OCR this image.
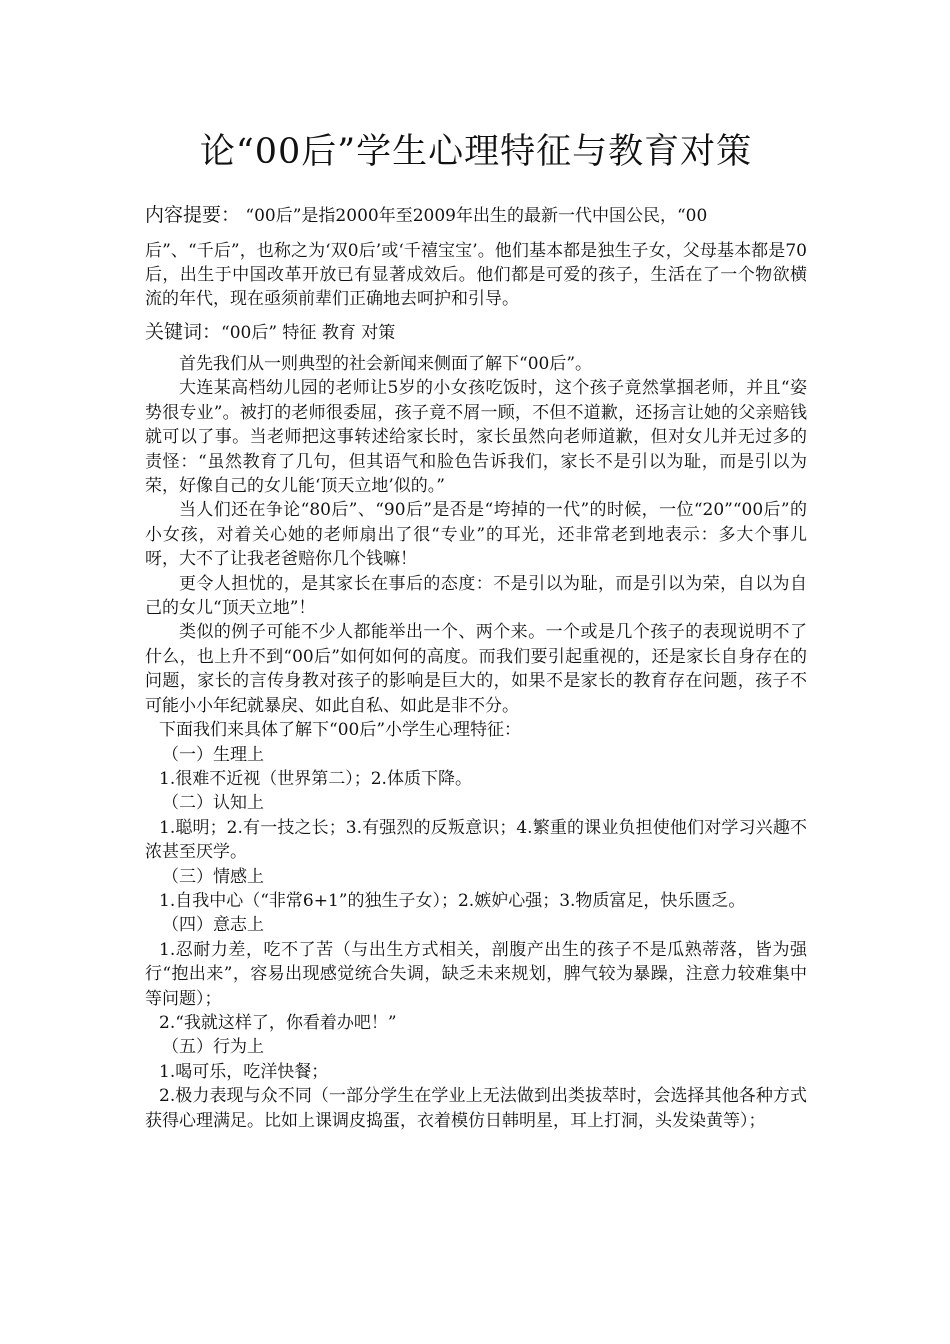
论“00后”学生心理特征与教育对策

内容提要： “00后”是指2000年至2009年出生的最新一代中国公民，“00

后”、“千后”，也称之为‘双0后’或‘千禧宝宝’。他们基本都是独生子女，父母基本都是70后，出生于中国改革开放已有显著成效后。他们都是可爱的孩子，生活在了一个物欲横流的年代，现在亟须前辈们正确地去呵护和引导。

关键词：“00后” 特征 教育 对策

首先我们从一则典型的社会新闻来侧面了解下“00后”。

大连某高档幼儿园的老师让5岁的小女孩吃饭时，这个孩子竟然掌掴老师，并且“姿势很专业”。被打的老师很委屈，孩子竟不屑一顾，不但不道歉，还扬言让她的父亲赔钱就可以了事。当老师把这事转述给家长时，家长虽然向老师道歉，但对女儿并无过多的责怪：“虽然教育了几句，但其语气和脸色告诉我们，家长不是引以为耻，而是引以为荣，好像自己的女儿能‘顶天立地’似的。”

当人们还在争论“80后”、“90后”是否是“垮掉的一代”的时候，一位“20”“00后”的小女孩，对着关心她的老师扇出了很“专业”的耳光，还非常老到地表示：多大个事儿呀，大不了让我老爸赔你几个钱嘛！

更令人担忧的，是其家长在事后的态度：不是引以为耻，而是引以为荣，自以为自己的女儿“顶天立地”！

类似的例子可能不少人都能举出一个、两个来。一个或是几个孩子的表现说明不了什么，也上升不到“00后”如何如何的高度。而我们要引起重视的，还是家长自身存在的问题，家长的言传身教对孩子的影响是巨大的，如果不是家长的教育存在问题，孩子不可能小小年纪就暴戾、如此自私、如此是非不分。

下面我们来具体了解下“00后”小学生心理特征：

（一）生理上

1.很难不近视（世界第二）；2.体质下降。

（二）认知上

1.聪明；2.有一技之长；3.有强烈的反叛意识；4.繁重的课业负担使他们对学习兴趣不浓甚至厌学。

（三）情感上

1.自我中心（“非常6+1”的独生子女）；2.嫉妒心强；3.物质富足，快乐匮乏。

（四）意志上

1.忍耐力差，吃不了苦（与出生方式相关，剖腹产出生的孩子不是瓜熟蒂落，皆为强行“抱出来”，容易出现感觉统合失调，缺乏未来规划，脾气较为暴躁，注意力较难集中等问题）；

2.“我就这样了，你看着办吧！”

（五）行为上

1.喝可乐，吃洋快餐；

2.极力表现与众不同（一部分学生在学业上无法做到出类拔萃时，会选择其他各种方式获得心理满足。比如上课调皮捣蛋，衣着模仿日韩明星，耳上打洞，头发染黄等）；
